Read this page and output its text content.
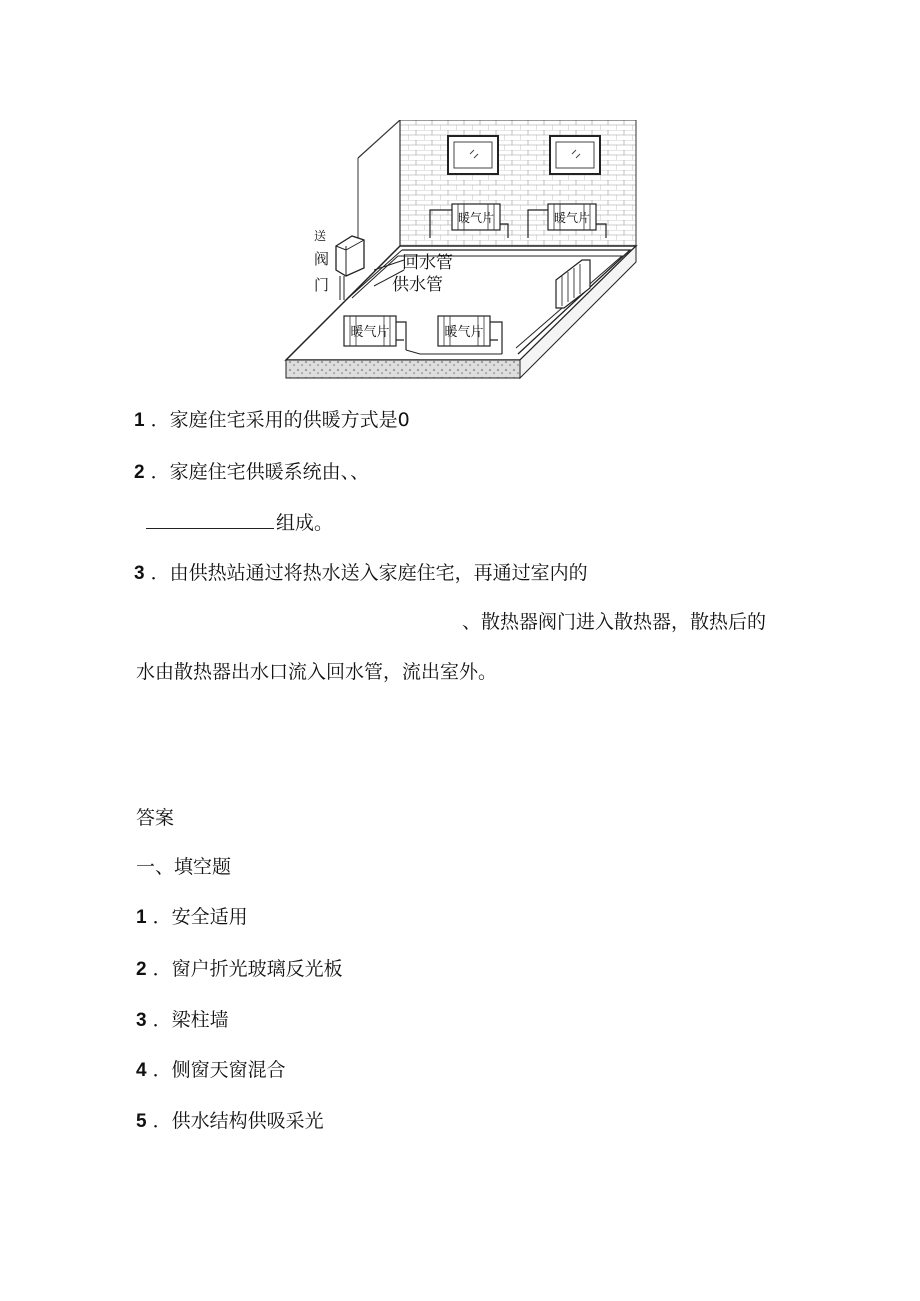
暖气片	暖气片
送
阀
门
回水管
供水管
暖气片	暖气片
1 ．家庭住宅采用的供暖方式是0
2 ．家庭住宅供暖系统由、、
组成。
3 ．由供热站通过将热水送入家庭住宅，再通过室内的
、散热器阀门进入散热器，散热后的
水由散热器出水口流入回水管，流出室外。
答案
一、填空题
1 ．安全适用
2 ．窗户折光玻璃反光板
3 ．梁柱墙
4 ．侧窗天窗混合
5 ．供水结构供吸采光
